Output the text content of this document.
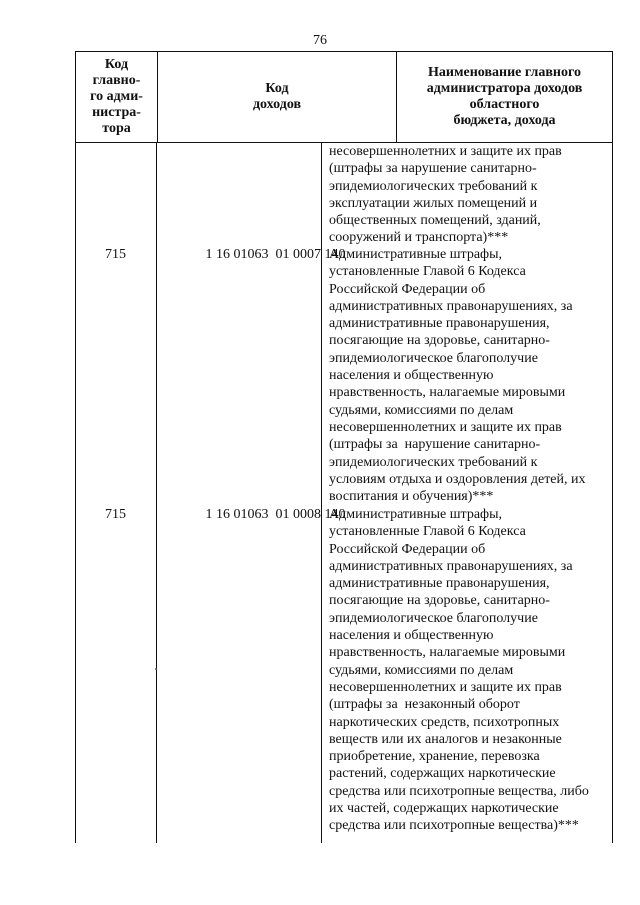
76
Код
главно-
го адми-
нистра-
тора
Код
доходов
Наименование главного
администратора доходов областного
бюджета, дохода
несовершеннолетних и защите их прав
(штрафы за нарушение санитарно-
эпидемиологических требований к
эксплуатации жилых помещений и
общественных помещений, зданий,
сооружений и транспорта)***
715	1 16 01063  01 0007 140
Административные штрафы,
установленные Главой 6 Кодекса
Российской Федерации об
административных правонарушениях, за
административные правонарушения,
посягающие на здоровье, санитарно-
эпидемиологическое благополучие
населения и общественную
нравственность, налагаемые мировыми
судьями, комиссиями по делам
несовершеннолетних и защите их прав
(штрафы за  нарушение санитарно-
эпидемиологических требований к
условиям отдыха и оздоровления детей, их
воспитания и обучения)***
715	1 16 01063  01 0008 140
Административные штрафы,
установленные Главой 6 Кодекса
Российской Федерации об
административных правонарушениях, за
административные правонарушения,
посягающие на здоровье, санитарно-
эпидемиологическое благополучие
населения и общественную
нравственность, налагаемые мировыми
судьями, комиссиями по делам
несовершеннолетних и защите их прав
(штрафы за  незаконный оборот
наркотических средств, психотропных
веществ или их аналогов и незаконные
приобретение, хранение, перевозка
растений, содержащих наркотические
средства или психотропные вещества, либо
их частей, содержащих наркотические
средства или психотропные вещества)***
